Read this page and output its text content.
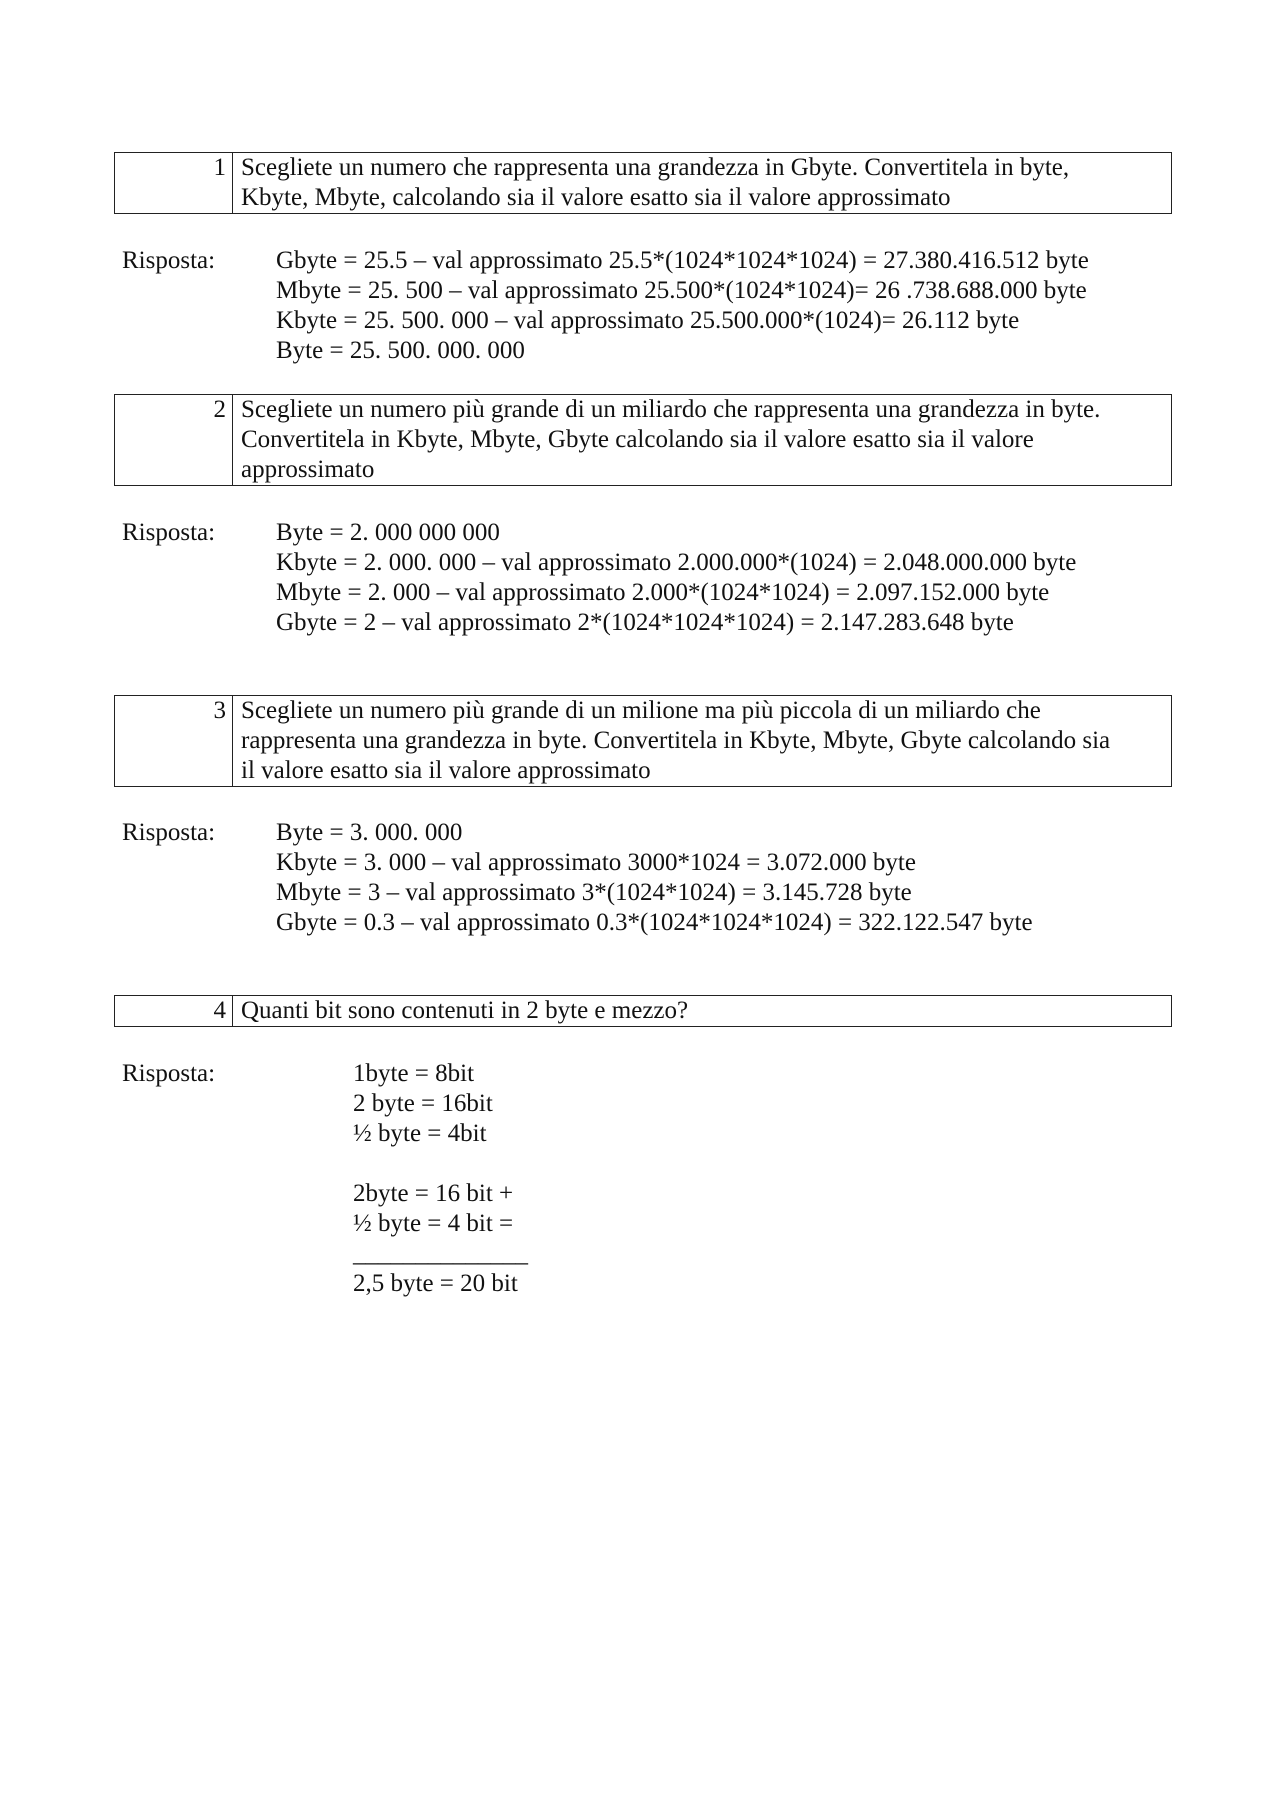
1 Scegliete un numero che rappresenta una grandezza in Gbyte. Convertitela in byte,
Kbyte, Mbyte, calcolando sia il valore esatto sia il valore approssimato
Risposta: Gbyte = 25.5 – val approssimato 25.5*(1024*1024*1024) = 27.380.416.512 byte
Mbyte = 25. 500 – val approssimato 25.500*(1024*1024)= 26 .738.688.000 byte
Kbyte = 25. 500. 000 – val approssimato 25.500.000*(1024)= 26.112 byte
Byte = 25. 500. 000. 000
2 Scegliete un numero più grande di un miliardo che rappresenta una grandezza in byte.
Convertitela in Kbyte, Mbyte, Gbyte calcolando sia il valore esatto sia il valore
approssimato
Risposta: Byte = 2. 000 000 000
Kbyte = 2. 000. 000 – val approssimato 2.000.000*(1024) = 2.048.000.000 byte
Mbyte = 2. 000 – val approssimato 2.000*(1024*1024) = 2.097.152.000 byte
Gbyte = 2 – val approssimato 2*(1024*1024*1024) = 2.147.283.648 byte
3 Scegliete un numero più grande di un milione ma più piccola di un miliardo che
rappresenta una grandezza in byte. Convertitela in Kbyte, Mbyte, Gbyte calcolando sia
il valore esatto sia il valore approssimato
Risposta: Byte = 3. 000. 000
Kbyte = 3. 000 – val approssimato 3000*1024 = 3.072.000 byte
Mbyte = 3 – val approssimato 3*(1024*1024) = 3.145.728 byte
Gbyte = 0.3 – val approssimato 0.3*(1024*1024*1024) = 322.122.547 byte
4 Quanti bit sono contenuti in 2 byte e mezzo?
Risposta:	1byte = 8bit
2 byte = 16bit
½ byte = 4bit
2byte = 16 bit +
½ byte = 4 bit =
______________
2,5 byte = 20 bit
